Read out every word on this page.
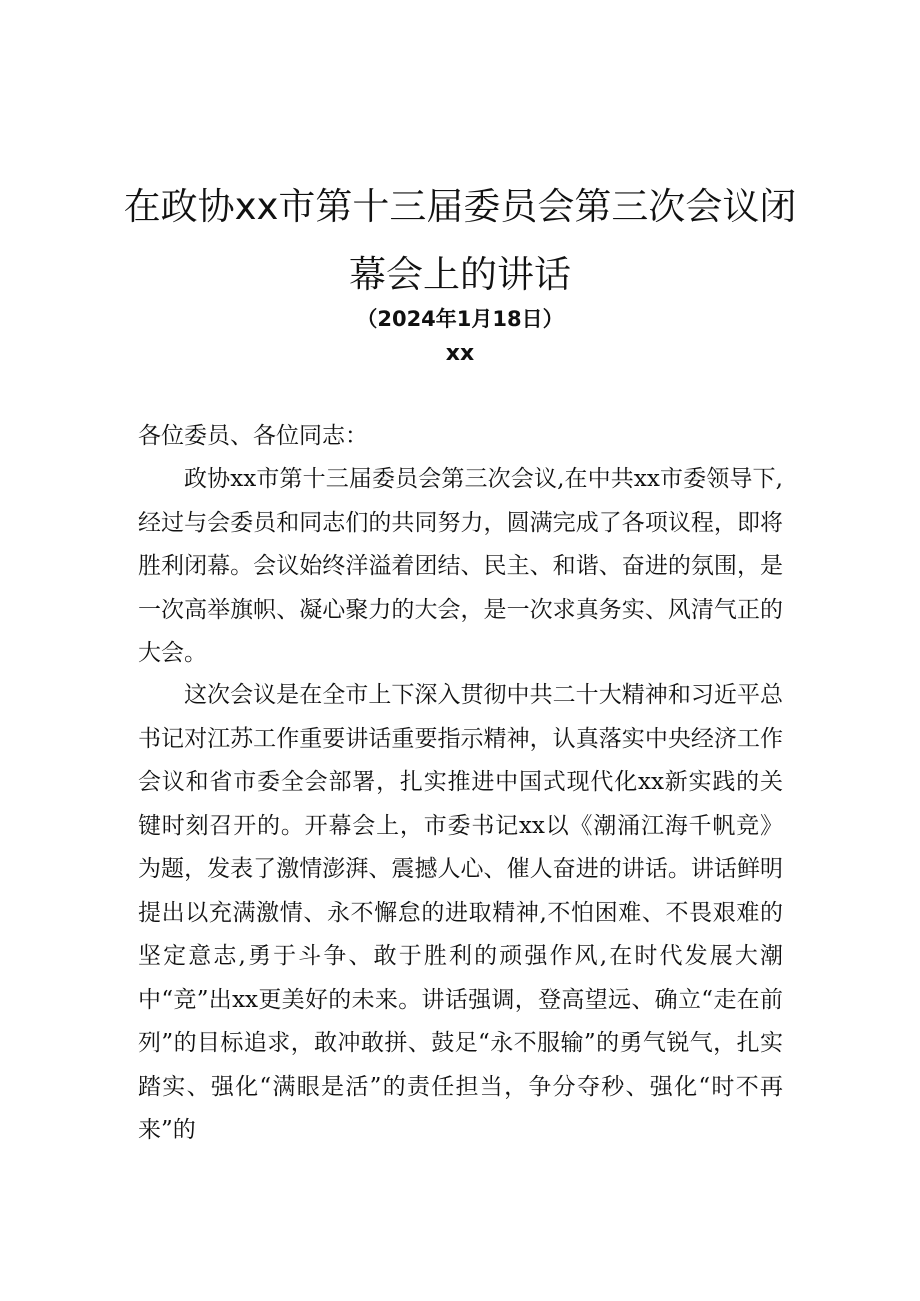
在政协xx市第十三届委员会第三次会议闭
幕会上的讲话
（2024年1月18日）
xx
各位委员、各位同志：
政协xx市第十三届委员会第三次会议,在中共xx市委领导下,经过与会委员和同志们的共同努力，圆满完成了各项议程，即将胜利闭幕。会议始终洋溢着团结、民主、和谐、奋进的氛围，是一次高举旗帜、凝心聚力的大会，是一次求真务实、风清气正的大会。
这次会议是在全市上下深入贯彻中共二十大精神和习近平总书记对江苏工作重要讲话重要指示精神，认真落实中央经济工作会议和省市委全会部署，扎实推进中国式现代化xx新实践的关键时刻召开的。开幕会上，市委书记xx以《潮涌江海千帆竞》为题，发表了激情澎湃、震撼人心、催人奋进的讲话。讲话鲜明提出以充满激情、永不懈怠的进取精神,不怕困难、不畏艰难的坚定意志,勇于斗争、敢于胜利的顽强作风,在时代发展大潮中“竞”出xx更美好的未来。讲话强调，登高望远、确立“走在前列”的目标追求，敢冲敢拼、鼓足“永不服输”的勇气锐气，扎实踏实、强化“满眼是活”的责任担当，争分夺秒、强化“时不再来”的
